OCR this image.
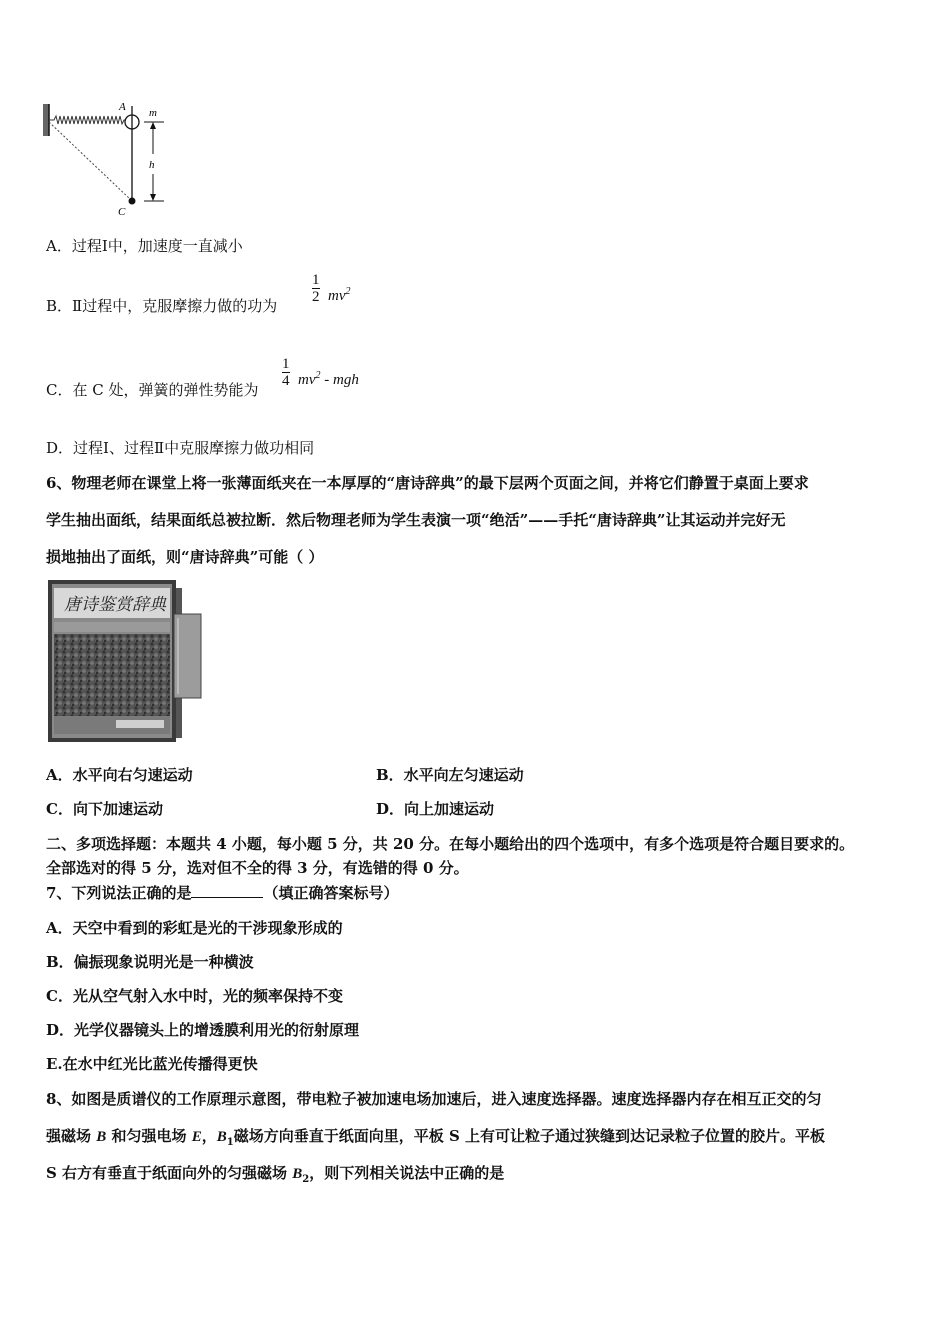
A m
h
C
A．过程Ⅰ中，加速度一直减小
B．Ⅱ过程中，克服摩擦力做的功为
$\frac{1}{2} mv^2$
C．在 C 处，弹簧的弹性势能为
$\frac{1}{4} mv^2$ - mgh
D．过程Ⅰ、过程Ⅱ中克服摩擦力做功相同
6、物理老师在课堂上将一张薄面纸夹在一本厚厚的“唐诗辞典”的最下层两个页面之间，并将它们静置于桌面上要求
学生抽出面纸，结果面纸总被拉断．然后物理老师为学生表演一项“绝活”——手托“唐诗辞典”让其运动并完好无
损地抽出了面纸，则“唐诗辞典”可能（ ）
唐诗鉴赏辞典
A．水平向右匀速运动	B．水平向左匀速运动
C．向下加速运动	D．向上加速运动
二、多项选择题：本题共 4 小题，每小题 5 分，共 20 分。在每小题给出的四个选项中，有多个选项是符合题目要求的。
全部选对的得 5 分，选对但不全的得 3 分，有选错的得 0 分。
7、下列说法正确的是	（填正确答案标号）
A．天空中看到的彩虹是光的干涉现象形成的
B．偏振现象说明光是一种横波
C．光从空气射入水中时，光的频率保持不变
D．光学仪器镜头上的增透膜利用光的衍射原理
E.在水中红光比蓝光传播得更快
8、如图是质谱仪的工作原理示意图，带电粒子被加速电场加速后，进入速度选择器。速度选择器内存在相互正交的匀
强磁场 B 和匀强电场 E，$B_1$磁场方向垂直于纸面向里，平板 S 上有可让粒子通过狭缝到达记录粒子位置的胶片。平板
S 右方有垂直于纸面向外的匀强磁场 $B_2$，则下列相关说法中正确的是
